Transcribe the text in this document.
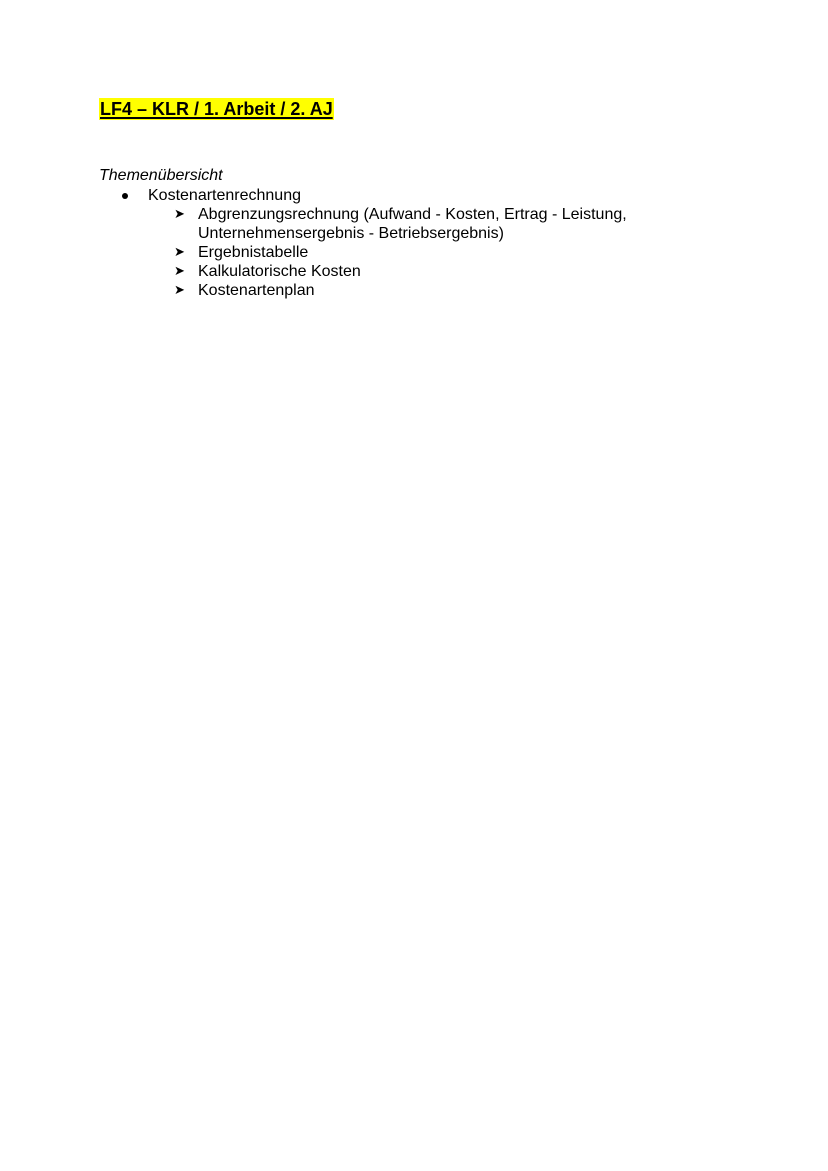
LF4 – KLR / 1. Arbeit / 2. AJ

Themenübersicht

Kostenartenrechnung
➤ Abgrenzungsrechnung (Aufwand - Kosten, Ertrag - Leistung, Unternehmensergebnis - Betriebsergebnis)
➤ Ergebnistabelle
➤ Kalkulatorische Kosten
➤ Kostenartenplan
